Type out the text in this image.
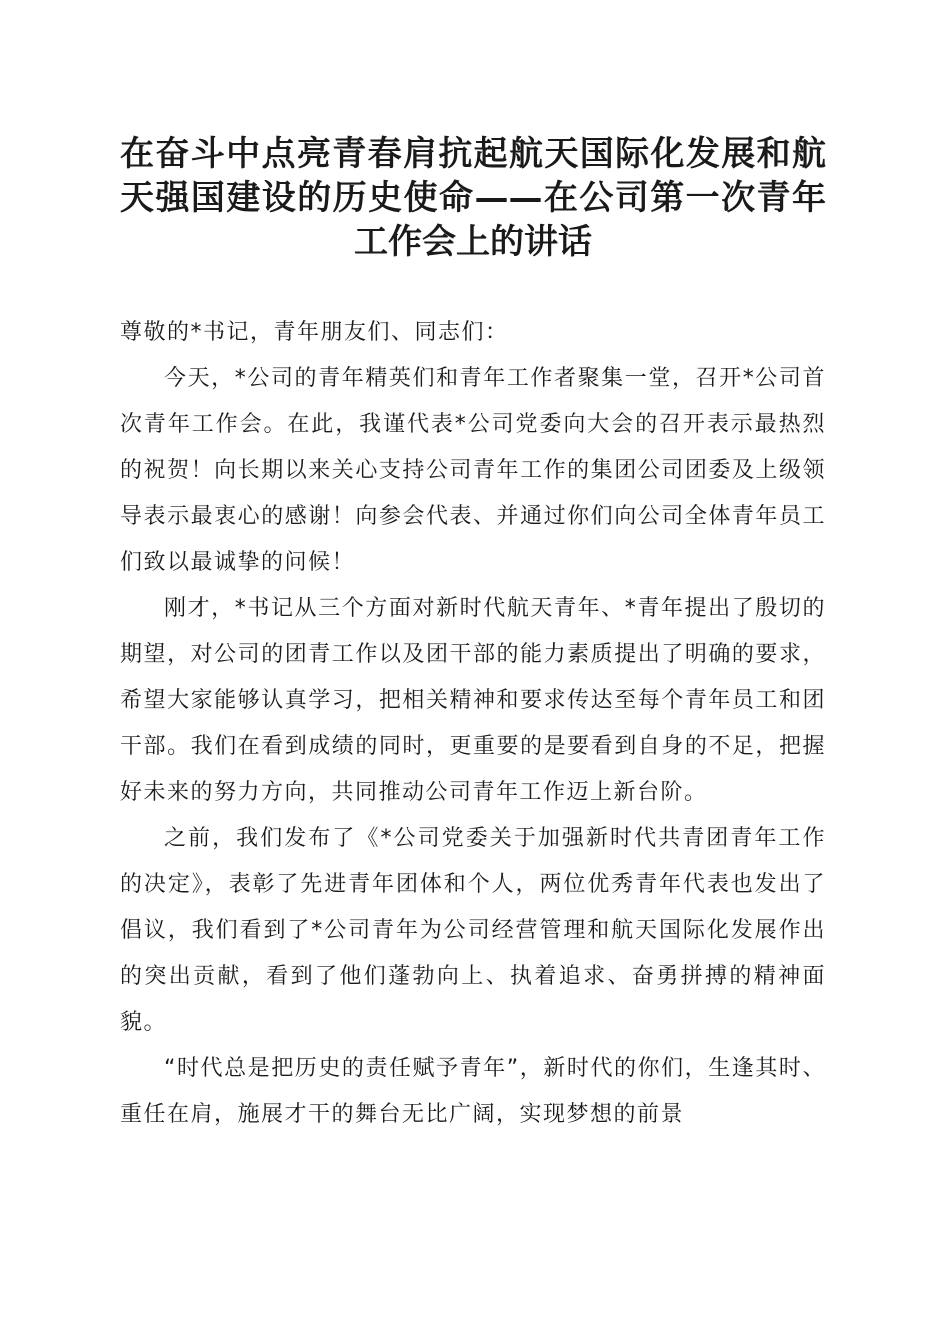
在奋斗中点亮青春肩抗起航天国际化发展和航天强国建设的历史使命——在公司第一次青年工作会上的讲话

尊敬的*书记，青年朋友们、同志们：

今天，*公司的青年精英们和青年工作者聚集一堂，召开*公司首次青年工作会。在此，我谨代表*公司党委向大会的召开表示最热烈的祝贺！向长期以来关心支持公司青年工作的集团公司团委及上级领导表示最衷心的感谢！向参会代表、并通过你们向公司全体青年员工们致以最诚挚的问候！

刚才，*书记从三个方面对新时代航天青年、*青年提出了殷切的期望，对公司的团青工作以及团干部的能力素质提出了明确的要求，希望大家能够认真学习，把相关精神和要求传达至每个青年员工和团干部。我们在看到成绩的同时，更重要的是要看到自身的不足，把握好未来的努力方向，共同推动公司青年工作迈上新台阶。

之前，我们发布了《*公司党委关于加强新时代共青团青年工作的决定》，表彰了先进青年团体和个人，两位优秀青年代表也发出了倡议，我们看到了*公司青年为公司经营管理和航天国际化发展作出的突出贡献，看到了他们蓬勃向上、执着追求、奋勇拼搏的精神面貌。

“时代总是把历史的责任赋予青年”，新时代的你们，生逢其时、重任在肩，施展才干的舞台无比广阔，实现梦想的前景
